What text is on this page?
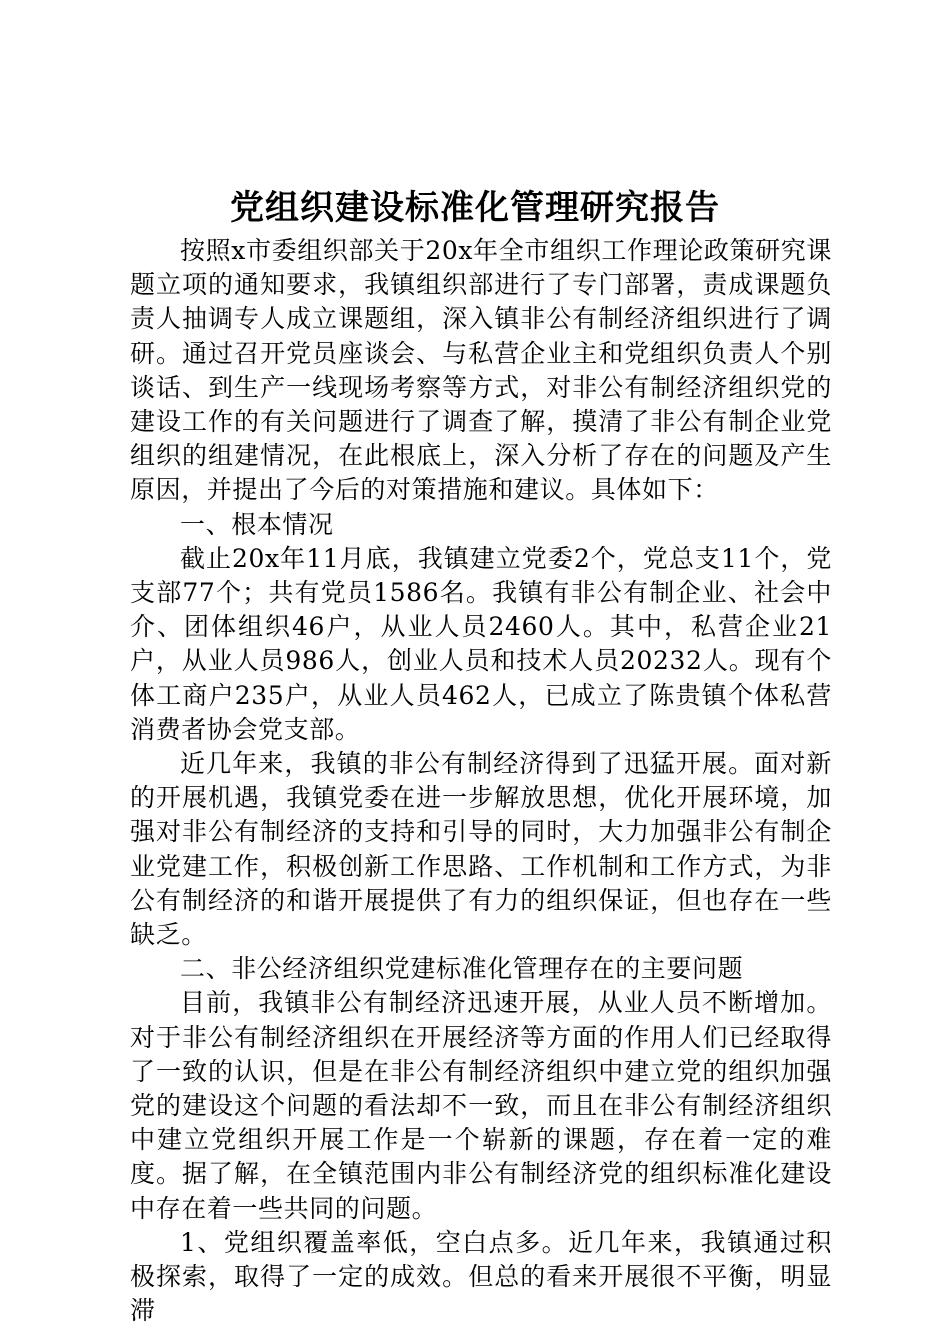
党组织建设标准化管理研究报告

按照x市委组织部关于20x年全市组织工作理论政策研究课题立项的通知要求，我镇组织部进行了专门部署，责成课题负责人抽调专人成立课题组，深入镇非公有制经济组织进行了调研。通过召开党员座谈会、与私营企业主和党组织负责人个别谈话、到生产一线现场考察等方式，对非公有制经济组织党的建设工作的有关问题进行了调查了解，摸清了非公有制企业党组织的组建情况，在此根底上，深入分析了存在的问题及产生原因，并提出了今后的对策措施和建议。具体如下：

一、根本情况

截止20x年11月底，我镇建立党委2个，党总支11个，党支部77个；共有党员1586名。我镇有非公有制企业、社会中介、团体组织46户，从业人员2460人。其中，私营企业21户，从业人员986人，创业人员和技术人员20232人。现有个体工商户235户，从业人员462人，已成立了陈贵镇个体私营消费者协会党支部。

近几年来，我镇的非公有制经济得到了迅猛开展。面对新的开展机遇，我镇党委在进一步解放思想，优化开展环境，加强对非公有制经济的支持和引导的同时，大力加强非公有制企业党建工作，积极创新工作思路、工作机制和工作方式，为非公有制经济的和谐开展提供了有力的组织保证，但也存在一些缺乏。

二、非公经济组织党建标准化管理存在的主要问题

目前，我镇非公有制经济迅速开展，从业人员不断增加。对于非公有制经济组织在开展经济等方面的作用人们已经取得了一致的认识，但是在非公有制经济组织中建立党的组织加强党的建设这个问题的看法却不一致，而且在非公有制经济组织中建立党组织开展工作是一个崭新的课题，存在着一定的难度。据了解，在全镇范围内非公有制经济党的组织标准化建设中存在着一些共同的问题。

1、党组织覆盖率低，空白点多。近几年来，我镇通过积极探索，取得了一定的成效。但总的看来开展很不平衡，明显滞
